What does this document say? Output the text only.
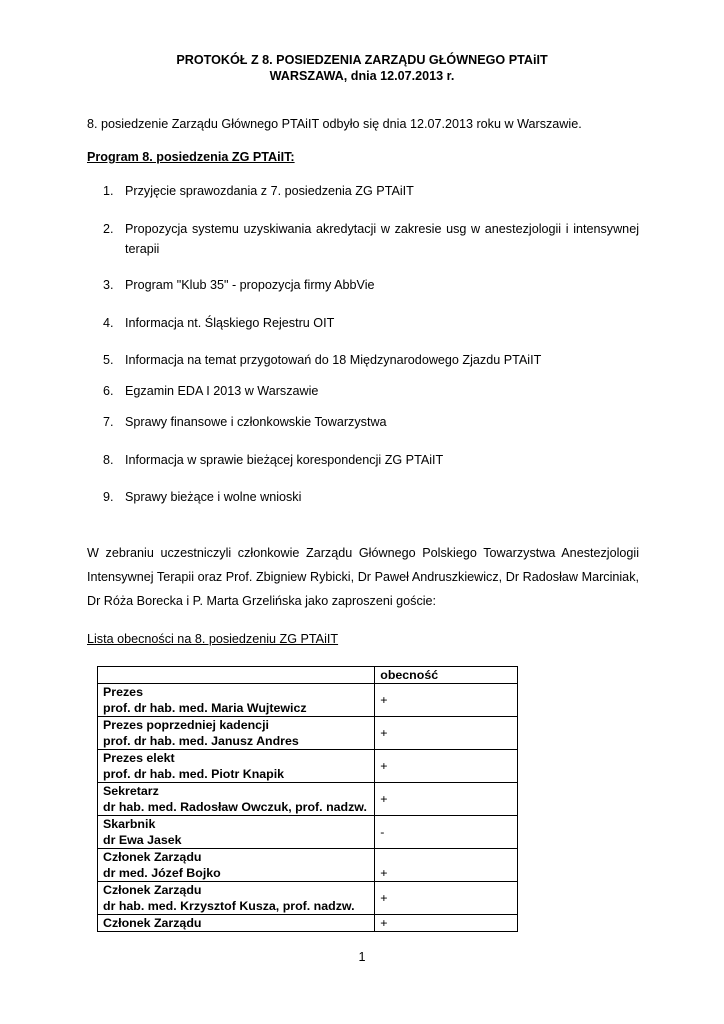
PROTOKÓŁ Z 8. POSIEDZENIA ZARZĄDU GŁÓWNEGO PTAiIT
WARSZAWA, dnia 12.07.2013 r.
8. posiedzenie Zarządu Głównego PTAiIT odbyło się dnia 12.07.2013 roku w Warszawie.
Program 8. posiedzenia ZG PTAiIT:
1. Przyjęcie sprawozdania z 7. posiedzenia ZG PTAiIT
2. Propozycja systemu uzyskiwania akredytacji w zakresie usg w anestezjologii i intensywnej terapii
3. Program "Klub 35" - propozycja firmy AbbVie
4. Informacja nt. Śląskiego Rejestru OIT
5. Informacja na temat przygotowań do 18 Międzynarodowego Zjazdu PTAiIT
6. Egzamin EDA I 2013 w Warszawie
7. Sprawy finansowe i członkowskie Towarzystwa
8. Informacja w sprawie bieżącej korespondencji ZG PTAiIT
9. Sprawy bieżące i wolne wnioski
W zebraniu uczestniczyli członkowie Zarządu Głównego Polskiego Towarzystwa Anestezjologii Intensywnej Terapii oraz Prof. Zbigniew Rybicki, Dr Paweł Andruszkiewicz, Dr Radosław Marciniak, Dr Róża Borecka i P. Marta Grzelińska jako zaproszeni goście:
Lista obecności na 8. posiedzeniu ZG PTAiIT
	obecność

Prezes
prof. dr hab. med. Maria Wujtewicz	+

Prezes poprzedniej kadencji
prof. dr hab. med. Janusz Andres	+

Prezes elekt
prof. dr hab. med. Piotr Knapik	+

Sekretarz
dr hab. med. Radosław Owczuk, prof. nadzw.	+

Skarbnik
dr Ewa Jasek	-

Członek Zarządu
dr med. Józef Bojko	+

Członek Zarządu
dr hab. med. Krzysztof Kusza, prof. nadzw.	+

Członek Zarządu	+
1
